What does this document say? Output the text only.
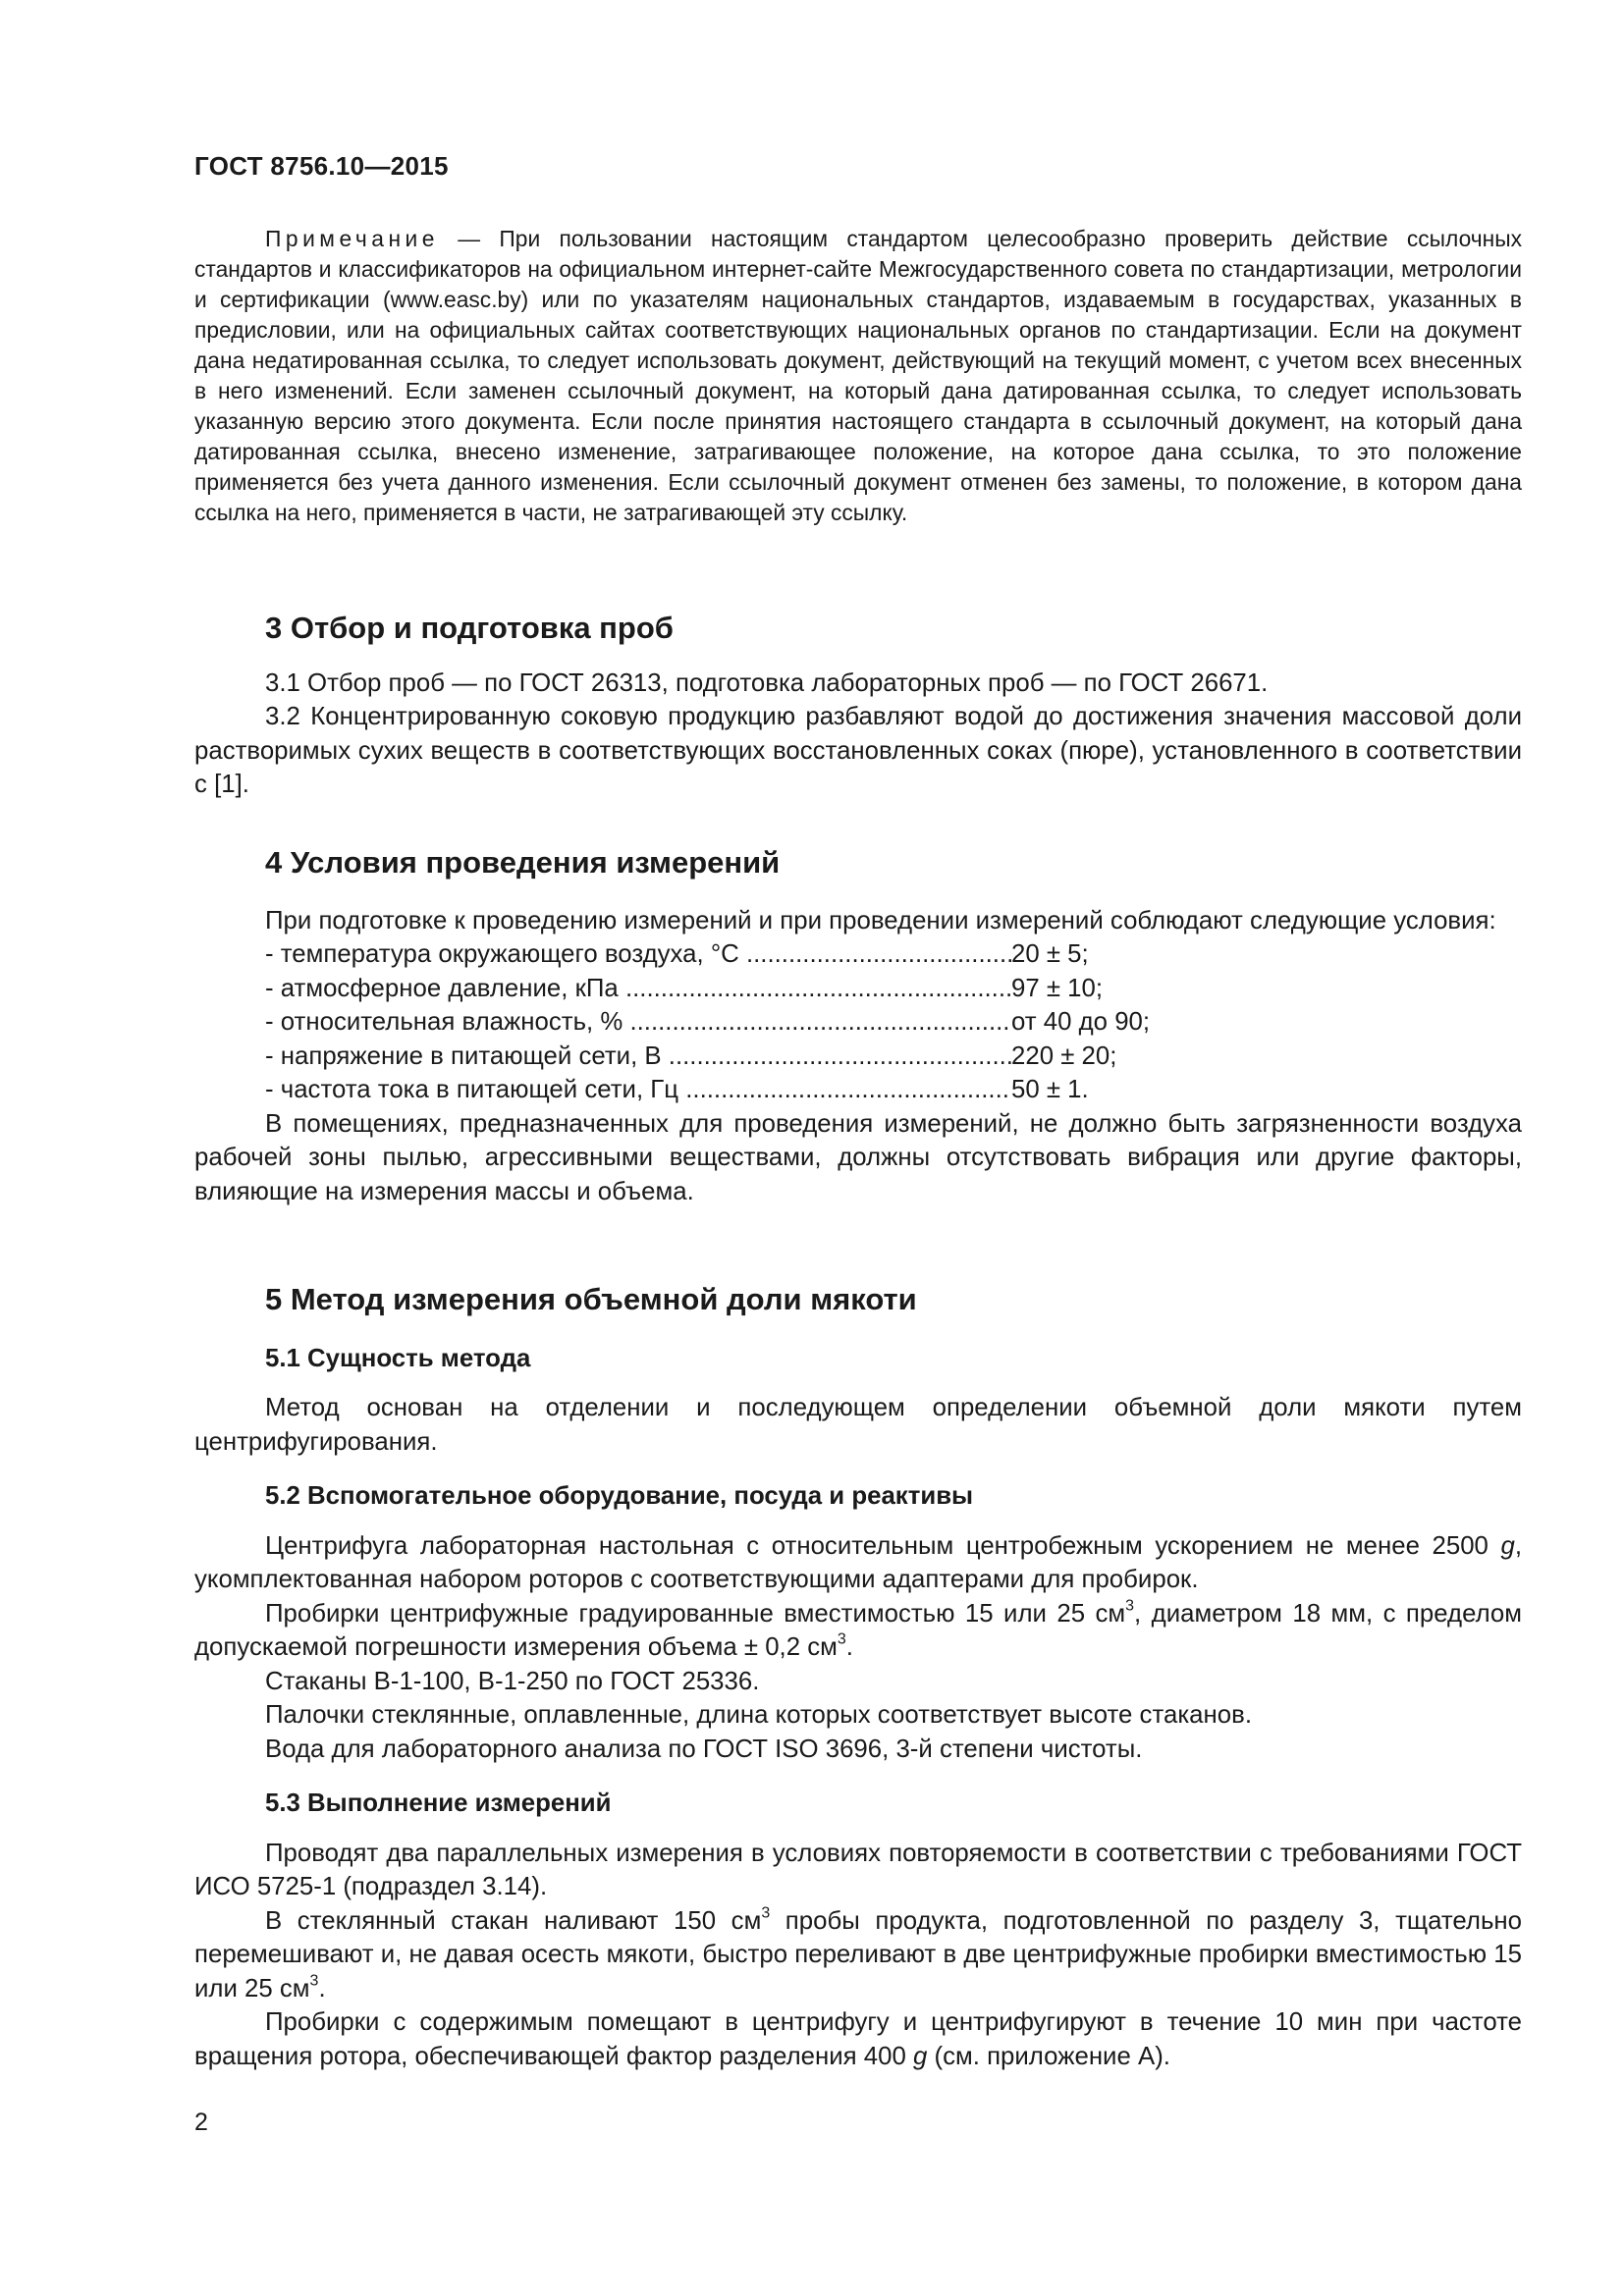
ГОСТ 8756.10—2015

Примечание — При пользовании настоящим стандартом целесообразно проверить действие ссылочных стандартов и классификаторов на официальном интернет-сайте Межгосударственного совета по стандартизации, метрологии и сертификации (www.easc.by) или по указателям национальных стандартов, издаваемым в государствах, указанных в предисловии, или на официальных сайтах соответствующих национальных органов по стандартизации. Если на документ дана недатированная ссылка, то следует использовать документ, действующий на текущий момент, с учетом всех внесенных в него изменений. Если заменен ссылочный документ, на который дана датированная ссылка, то следует использовать указанную версию этого документа. Если после принятия настоящего стандарта в ссылочный документ, на который дана датированная ссылка, внесено изменение, затрагивающее положение, на которое дана ссылка, то это положение применяется без учета данного изменения. Если ссылочный документ отменен без замены, то положение, в котором дана ссылка на него, применяется в части, не затрагивающей эту ссылку.

3 Отбор и подготовка проб

3.1 Отбор проб — по ГОСТ 26313, подготовка лабораторных проб — по ГОСТ 26671.

3.2 Концентрированную соковую продукцию разбавляют водой до достижения значения массовой доли растворимых сухих веществ в соответствующих восстановленных соках (пюре), установленного в соответствии с [1].

4 Условия проведения измерений

При подготовке к проведению измерений и при проведении измерений соблюдают следующие условия:

- температура окружающего воздуха, °С .....	20 ± 5;
- атмосферное давление, кПа .....	97 ± 10;
- относительная влажность, % .....	от 40 до 90;
- напряжение в питающей сети, В .....	220 ± 20;
- частота тока в питающей сети, Гц .....	50 ± 1.

В помещениях, предназначенных для проведения измерений, не должно быть загрязненности воздуха рабочей зоны пылью, агрессивными веществами, должны отсутствовать вибрация или другие факторы, влияющие на измерения массы и объема.

5 Метод измерения объемной доли мякоти
5.1 Сущность метода

Метод основан на отделении и последующем определении объемной доли мякоти путем центрифугирования.

5.2 Вспомогательное оборудование, посуда и реактивы

Центрифуга лабораторная настольная с относительным центробежным ускорением не менее 2500 g, укомплектованная набором роторов с соответствующими адаптерами для пробирок.

Пробирки центрифужные градуированные вместимостью 15 или 25 $см^3$, диаметром 18 мм, с пределом допускаемой погрешности измерения объема ± 0,2 $см^3$.

Стаканы В-1-100, В-1-250 по ГОСТ 25336.

Палочки стеклянные, оплавленные, длина которых соответствует высоте стаканов.

Вода для лабораторного анализа по ГОСТ ISO 3696, 3-й степени чистоты.

5.3 Выполнение измерений

Проводят два параллельных измерения в условиях повторяемости в соответствии с требованиями ГОСТ ИСО 5725-1 (подраздел 3.14).

В стеклянный стакан наливают 150 $см^3$ пробы продукта, подготовленной по разделу 3, тщательно перемешивают и, не давая осесть мякоти, быстро переливают в две центрифужные пробирки вместимостью 15 или 25 $см^3$.

Пробирки с содержимым помещают в центрифугу и центрифугируют в течение 10 мин при частоте вращения ротора, обеспечивающей фактор разделения 400 g (см. приложение А).

2
